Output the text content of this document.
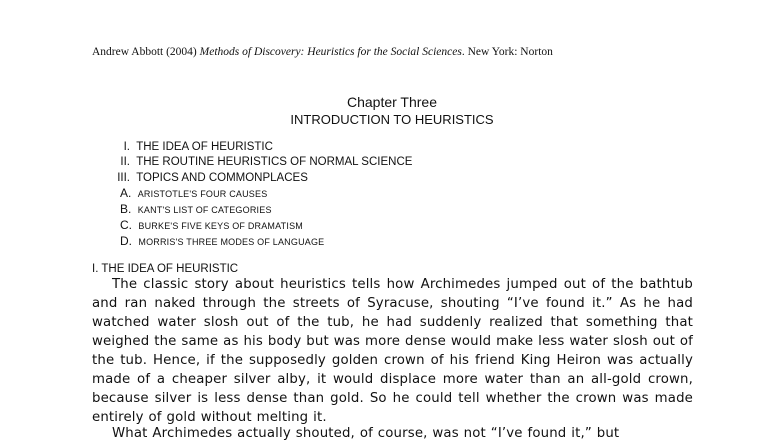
Andrew Abbott (2004) Methods of Discovery: Heuristics for the Social Sciences. New York: Norton
Chapter Three
INTRODUCTION TO HEURISTICS
I. THE IDEA OF HEURISTIC
II. THE ROUTINE HEURISTICS OF NORMAL SCIENCE
III. TOPICS AND COMMONPLACES
A. ARISTOTLE'S FOUR CAUSES
B. KANT'S LIST OF CATEGORIES
C. BURKE'S FIVE KEYS OF DRAMATISM
D. MORRIS'S THREE MODES OF LANGUAGE
I. THE IDEA OF HEURISTIC

The classic story about heuristics tells how Archimedes jumped out of the bathtub and ran naked through the streets of Syracuse, shouting “I’ve found it.” As he had watched water slosh out of the tub, he had suddenly realized that something that weighed the same as his body but was more dense would make less water slosh out of the tub. Hence, if the supposedly golden crown of his friend King Heiron was actually made of a cheaper silver alby, it would displace more water than an all-gold crown, because silver is less dense than gold. So he could tell whether the crown was made entirely of gold without melting it.

What Archimedes actually shouted, of course, was not “I’ve found it,” but
